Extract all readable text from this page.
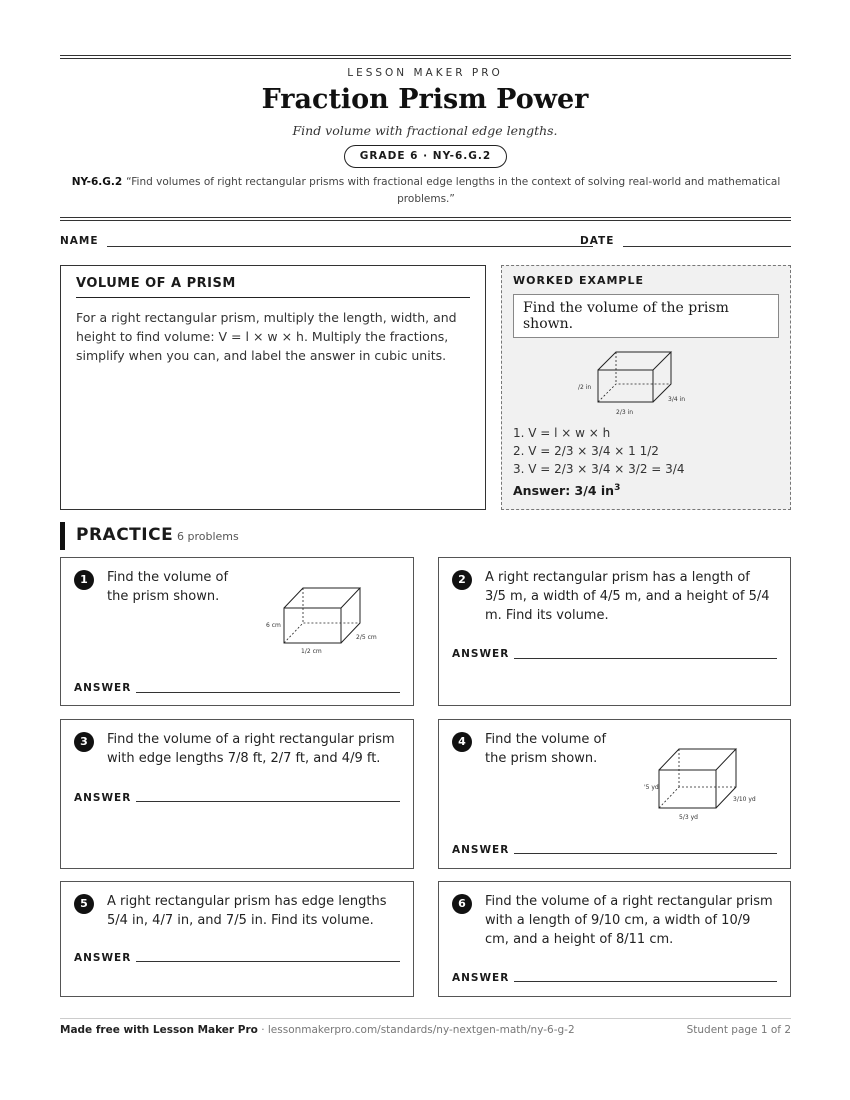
LESSON MAKER PRO
Fraction Prism Power
Find volume with fractional edge lengths.
GRADE 6 · NY-6.G.2
NY-6.G.2 “Find volumes of right rectangular prisms with fractional edge lengths in the context of solving real-world and mathematical problems.”
NAME	DATE
VOLUME OF A PRISM

For a right rectangular prism, multiply the length, width, and height to find volume: V = l × w × h. Multiply the fractions, simplify when you can, and label the answer in cubic units.

WORKED EXAMPLE
Find the volume of the prism shown.
/2 in
2/3 in
3/4 in
1. V = l × w × h
2. V = 2/3 × 3/4 × 1 1/2
3. V = 2/3 × 3/4 × 3/2 = 3/4
Answer: 3/4 $in^3$
PRACTICE 6 problems
1	Find the volume of
the prism shown.
6 cm
1/2 cm
2/5 cm
ANSWER
2	A right rectangular prism has a length of
3/5 m, a width of 4/5 m, and a height of 5/4
m. Find its volume.
ANSWER
3	Find the volume of a right rectangular prism
with edge lengths 7/8 ft, 2/7 ft, and 4/9 ft.
ANSWER
4	Find the volume of
the prism shown.
'5 yd
5/3 yd
3/10 yd
ANSWER
5	A right rectangular prism has edge lengths
5/4 in, 4/7 in, and 7/5 in. Find its volume.
ANSWER
6	Find the volume of a right rectangular prism
with a length of 9/10 cm, a width of 10/9
cm, and a height of 8/11 cm.
ANSWER
Made free with Lesson Maker Pro · lessonmakerpro.com/standards/ny-nextgen-math/ny-6-g-2	Student page 1 of 2
